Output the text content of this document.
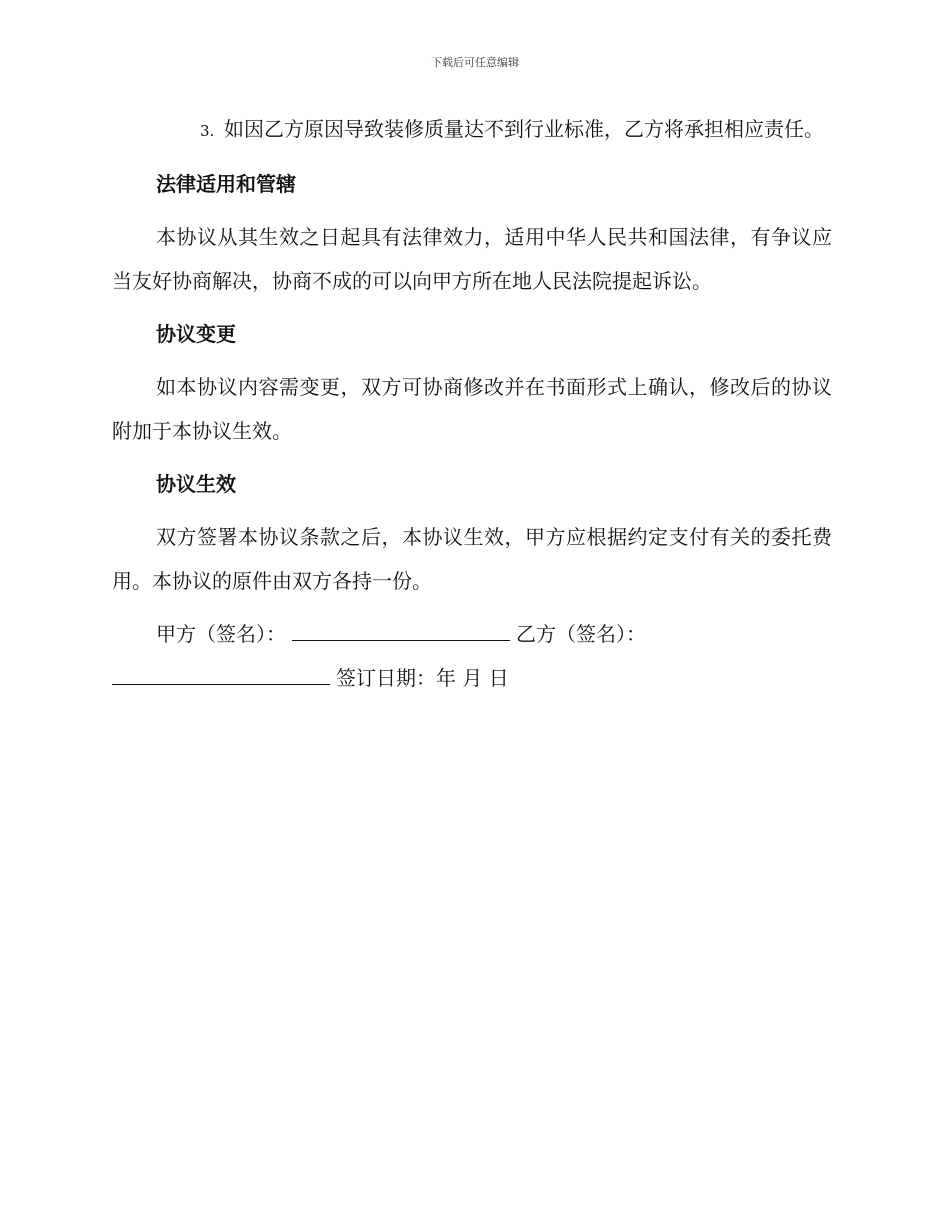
下载后可任意编辑

3. 如因乙方原因导致装修质量达不到行业标准，乙方将承担相应责任。

法律适用和管辖

本协议从其生效之日起具有法律效力，适用中华人民共和国法律，有争议应当友好协商解决，协商不成的可以向甲方所在地人民法院提起诉讼。

协议变更

如本协议内容需变更，双方可协商修改并在书面形式上确认，修改后的协议附加于本协议生效。

协议生效

双方签署本协议条款之后，本协议生效，甲方应根据约定支付有关的委托费用。本协议的原件由双方各持一份。

甲方（签名）：	乙方（签名）：

签订日期：年 月 日
